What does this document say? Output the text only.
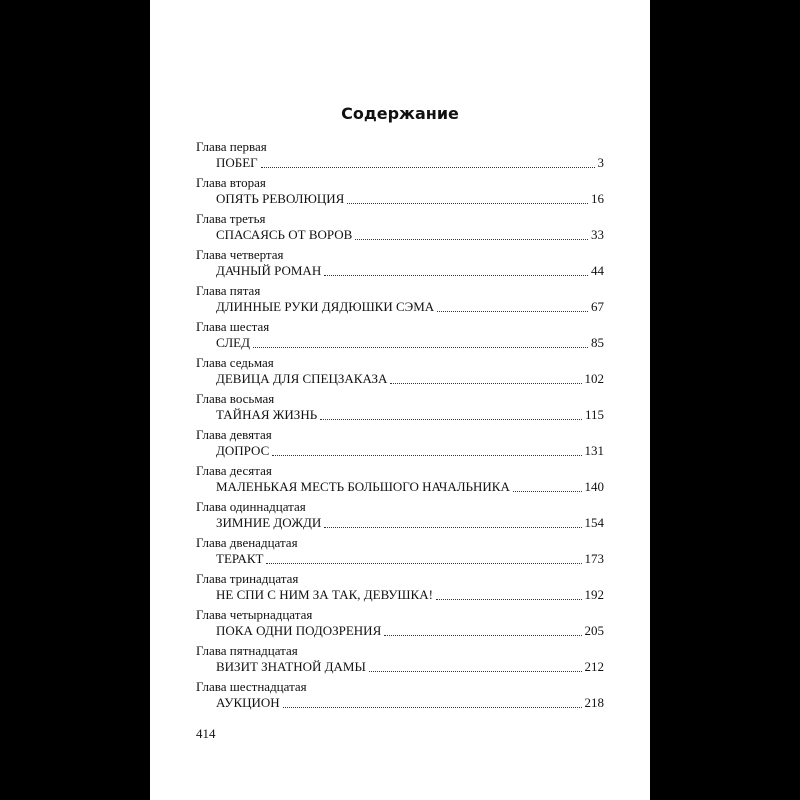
Содержание
Глава первая
ПОБЕГ	3
Глава вторая
ОПЯТЬ РЕВОЛЮЦИЯ	16
Глава третья
СПАСАЯСЬ ОТ ВОРОВ	33
Глава четвертая
ДАЧНЫЙ РОМАН	44
Глава пятая
ДЛИННЫЕ РУКИ ДЯДЮШКИ СЭМА	67
Глава шестая
СЛЕД	85
Глава седьмая
ДЕВИЦА ДЛЯ СПЕЦЗАКАЗА	102
Глава восьмая
ТАЙНАЯ ЖИЗНЬ	115
Глава девятая
ДОПРОС	131
Глава десятая
МАЛЕНЬКАЯ МЕСТЬ БОЛЬШОГО НАЧАЛЬНИКА	140
Глава одиннадцатая
ЗИМНИЕ ДОЖДИ	154
Глава двенадцатая
ТЕРАКТ	173
Глава тринадцатая
НЕ СПИ С НИМ ЗА ТАК, ДЕВУШКА!	192
Глава четырнадцатая
ПОКА ОДНИ ПОДОЗРЕНИЯ	205
Глава пятнадцатая
ВИЗИТ ЗНАТНОЙ ДАМЫ	212
Глава шестнадцатая
АУКЦИОН	218
414
